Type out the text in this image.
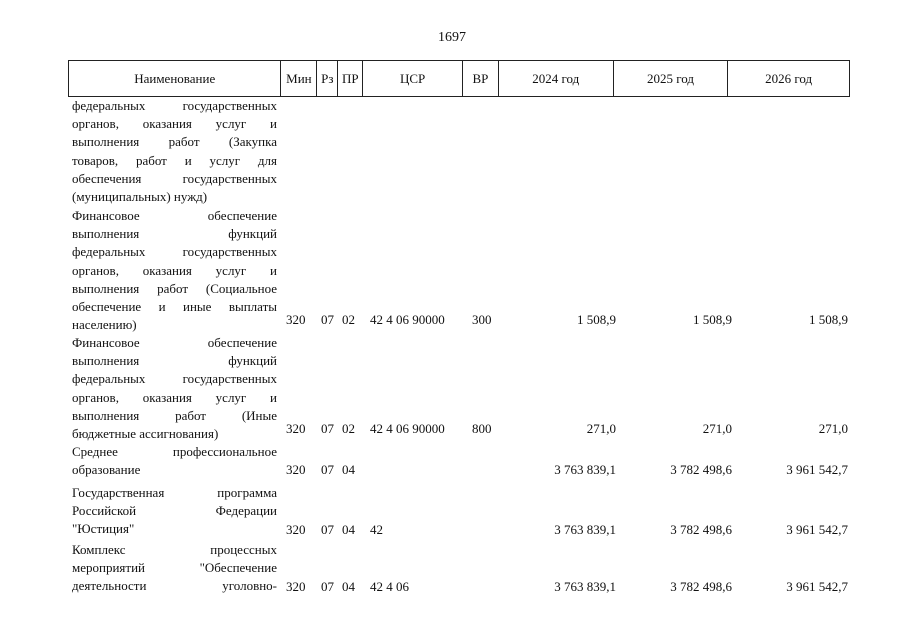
1697
Наименование	Мин Рз ПР	ЦСР	ВР	2024 год	2025 год	2026 год
федеральных государственных
органов, оказания услуг и
выполнения работ (Закупка
товаров, работ и услуг для
обеспечения государственных
(муниципальных) нужд)
Финансовое обеспечение
выполнения функций
федеральных государственных
органов, оказания услуг и
выполнения работ (Социальное
обеспечение и иные выплаты
населению)	320 07 02 42 4 06 90000 300	1 508,9	1 508,9	1 508,9
Финансовое обеспечение
выполнения функций
федеральных государственных
органов, оказания услуг и
выполнения работ (Иные
бюджетные ассигнования)	320 07 02 42 4 06 90000 800	271,0	271,0	271,0
Среднее профессиональное
образование	320 07 04	3 763 839,1	3 782 498,6	3 961 542,7
Государственная программа
Российской Федерации
"Юстиция"	320 07 04 42	3 763 839,1	3 782 498,6	3 961 542,7
Комплекс процессных
мероприятий "Обеспечение
деятельности уголовно- 320 07 04 42 4 06	3 763 839,1	3 782 498,6	3 961 542,7
